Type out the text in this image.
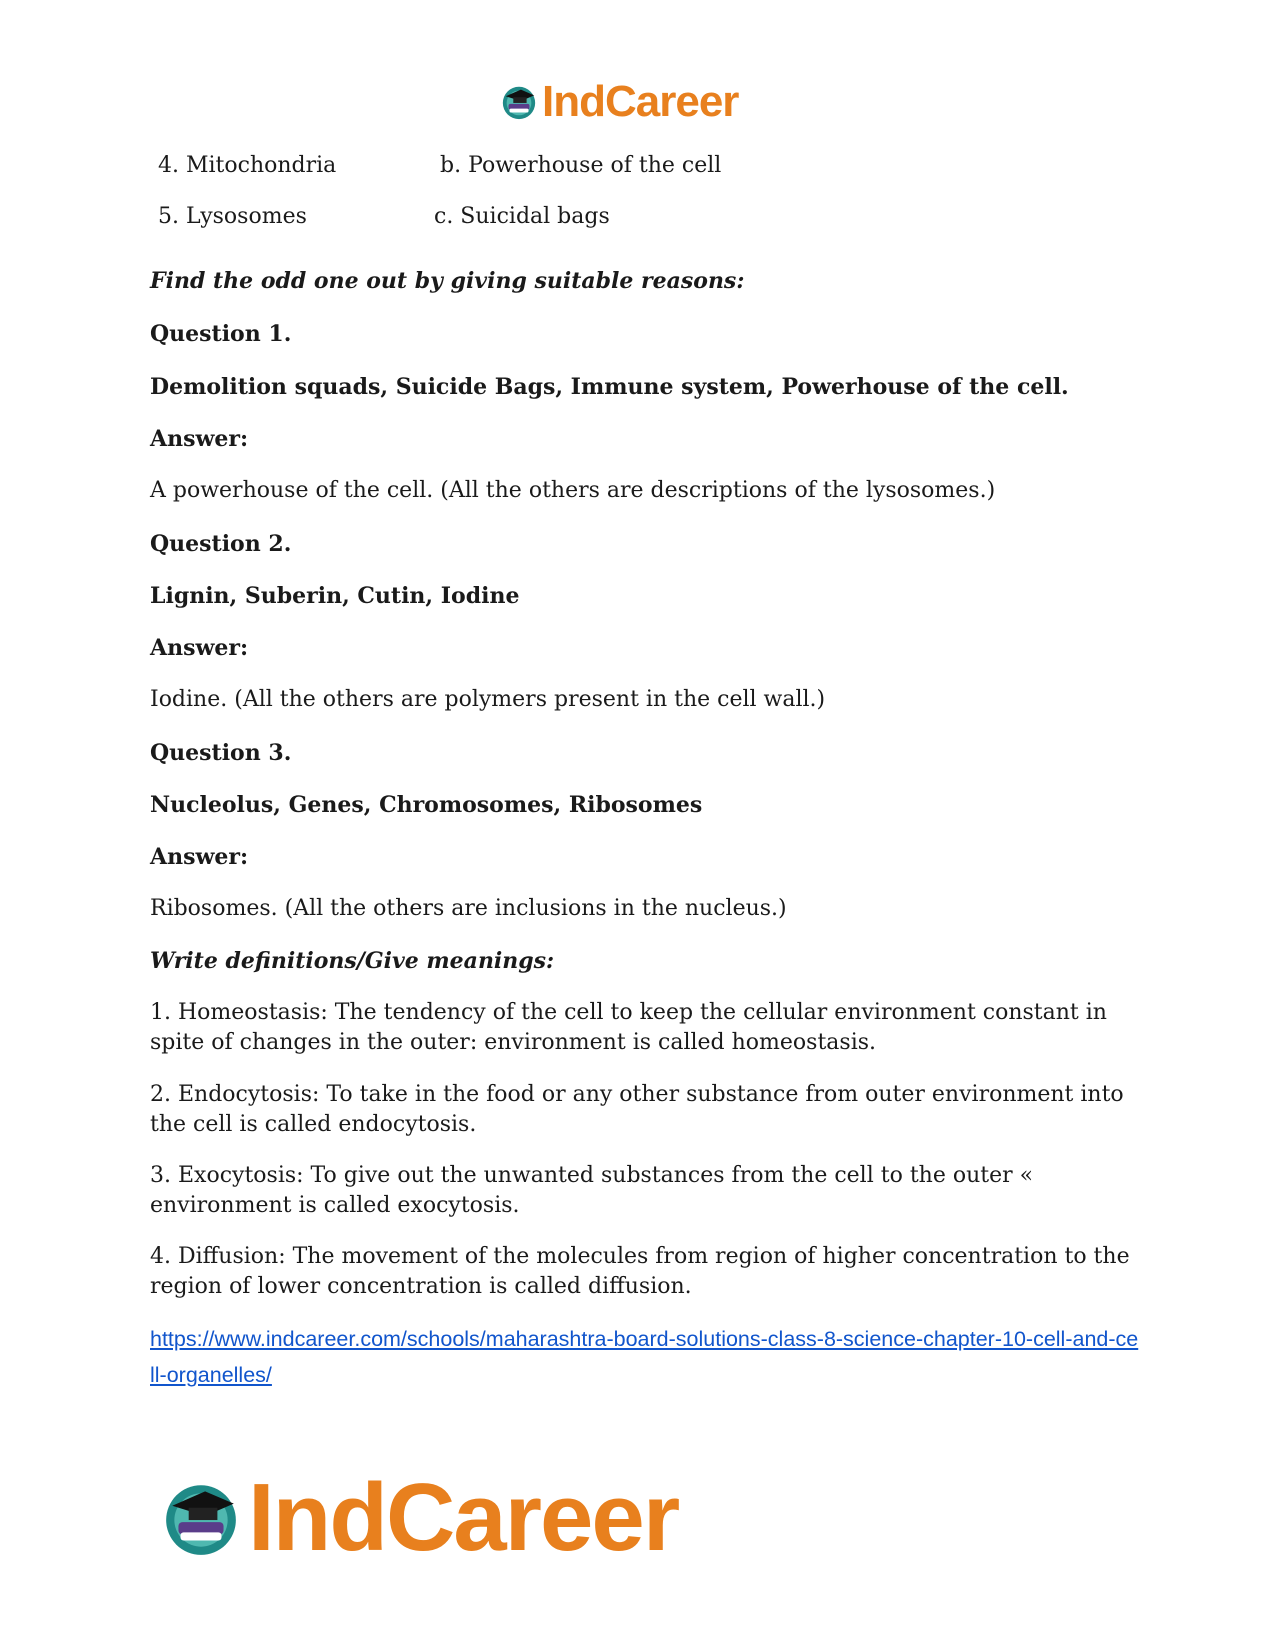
IndCareer
4. Mitochondria	b. Powerhouse of the cell
5. Lysosomes	c. Suicidal bags
Find the odd one out by giving suitable reasons:
Question 1.
Demolition squads, Suicide Bags, Immune system, Powerhouse of the cell.
Answer:
A powerhouse of the cell. (All the others are descriptions of the lysosomes.)
Question 2.
Lignin, Suberin, Cutin, Iodine
Answer:
Iodine. (All the others are polymers present in the cell wall.)
Question 3.
Nucleolus, Genes, Chromosomes, Ribosomes
Answer:
Ribosomes. (All the others are inclusions in the nucleus.)
Write definitions/Give meanings:
1. Homeostasis: The tendency of the cell to keep the cellular environment constant in spite of changes in the outer: environment is called homeostasis.
2. Endocytosis: To take in the food or any other substance from outer environment into the cell is called endocytosis.
3. Exocytosis: To give out the unwanted substances from the cell to the outer « environment is called exocytosis.
4. Diffusion: The movement of the molecules from region of higher concentration to the region of lower concentration is called diffusion.
https://www.indcareer.com/schools/maharashtra-board-solutions-class-8-science-chapter-10-cell-and-cell-organelles/
IndCareer
